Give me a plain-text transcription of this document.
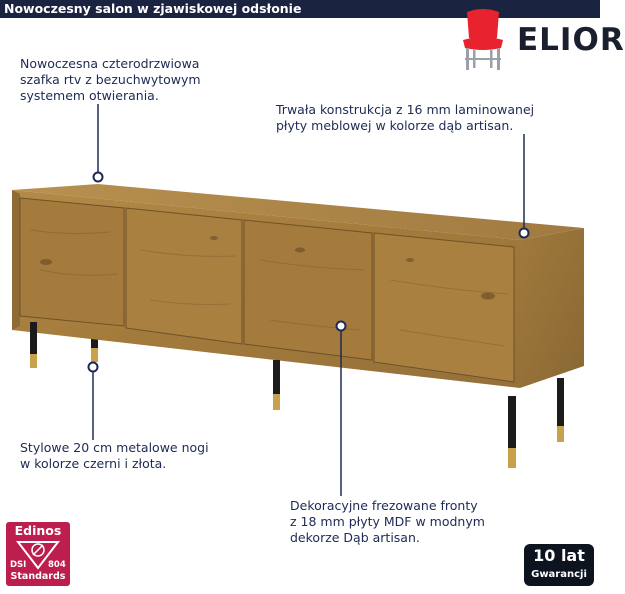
Nowoczesny salon w zjawiskowej odsłonie
ELIOR
Nowoczesna czterodrzwiowa
szafka rtv z bezuchwytowym
systemem otwierania.
Trwała konstrukcja z 16 mm laminowanej
płyty meblowej w kolorze dąb artisan.
Stylowe 20 cm metalowe nogi
w kolorze czerni i złota.
Dekoracyjne frezowane fronty
z 18 mm płyty MDF w modnym
dekorze Dąb artisan.
Edinos
DSI	804
Standards
10 lat
Gwarancji
